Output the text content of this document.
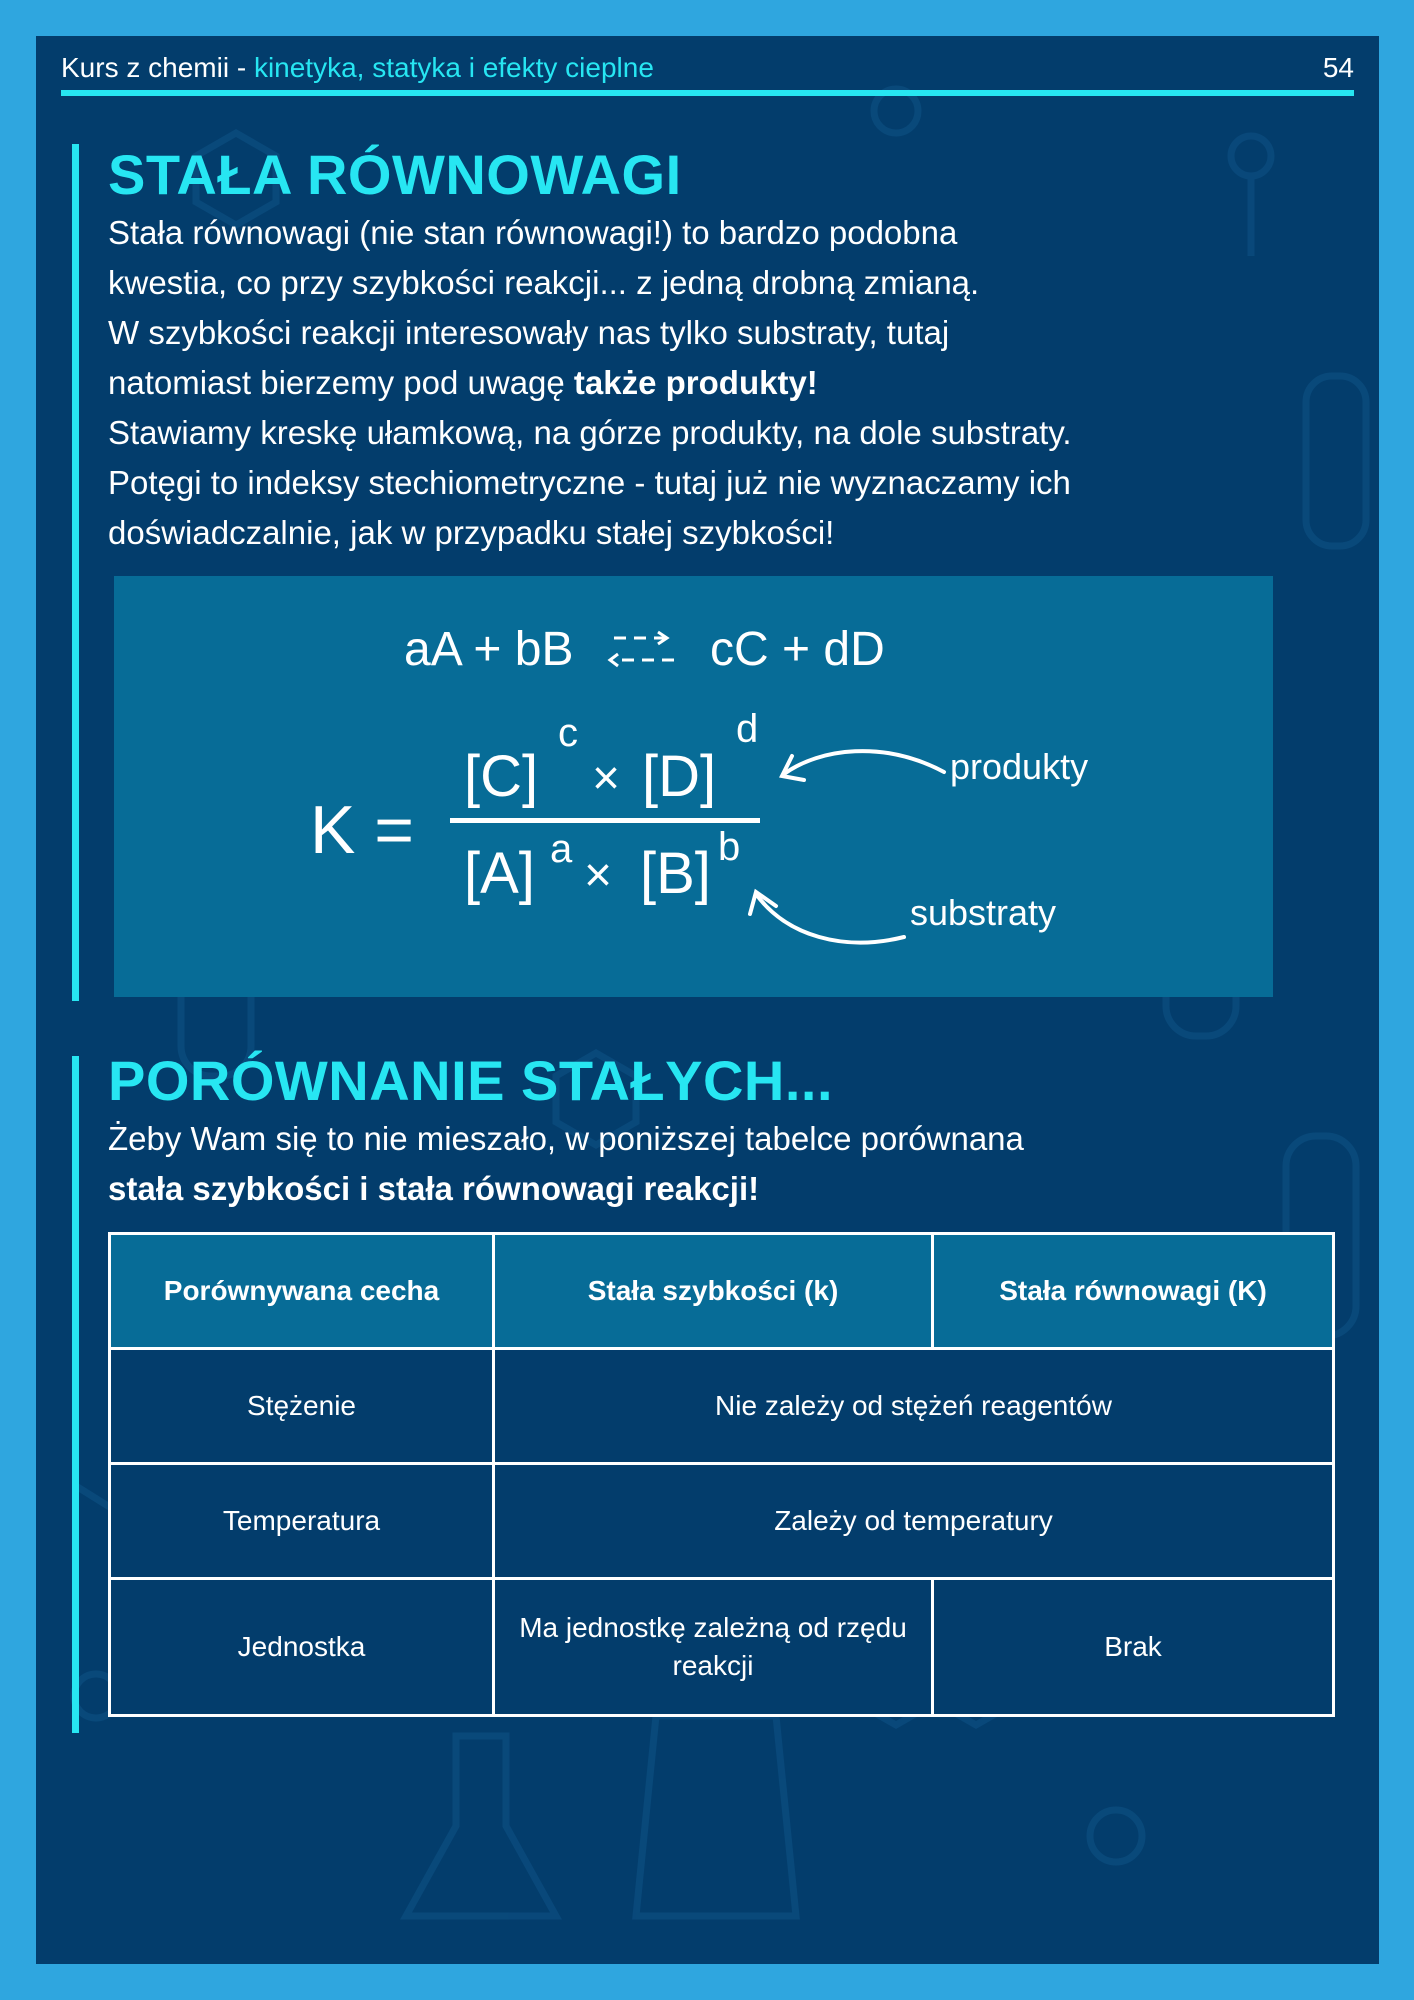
Kurs z chemii - kinetyka, statyka i efekty cieplne	54
STAŁA RÓWNOWAGI
Stała równowagi (nie stan równowagi!) to bardzo podobna
kwestia, co przy szybkości reakcji... z jedną drobną zmianą.
W szybkości reakcji interesowały nas tylko substraty, tutaj
natomiast bierzemy pod uwagę także produkty!
Stawiamy kreskę ułamkową, na górze produkty, na dole substraty.
Potęgi to indeksy stechiometryczne - tutaj już nie wyznaczamy ich
doświadczalnie, jak w przypadku stałej szybkości!
aA + bB	cC + dD
K =
[C]
c
× [D]
d
[A] a × [B] b
produkty
substraty
PORÓWNANIE STAŁYCH...
Żeby Wam się to nie mieszało, w poniższej tabelce porównana
stała szybkości i stała równowagi reakcji!
Porównywana cecha	Stała szybkości (k)	Stała równowagi (K)
Stężenie	Nie zależy od stężeń reagentów	
Temperatura	Zależy od temperatury	
Jednostka	Ma jednostkę zależną od rzędu reakcji	Brak
